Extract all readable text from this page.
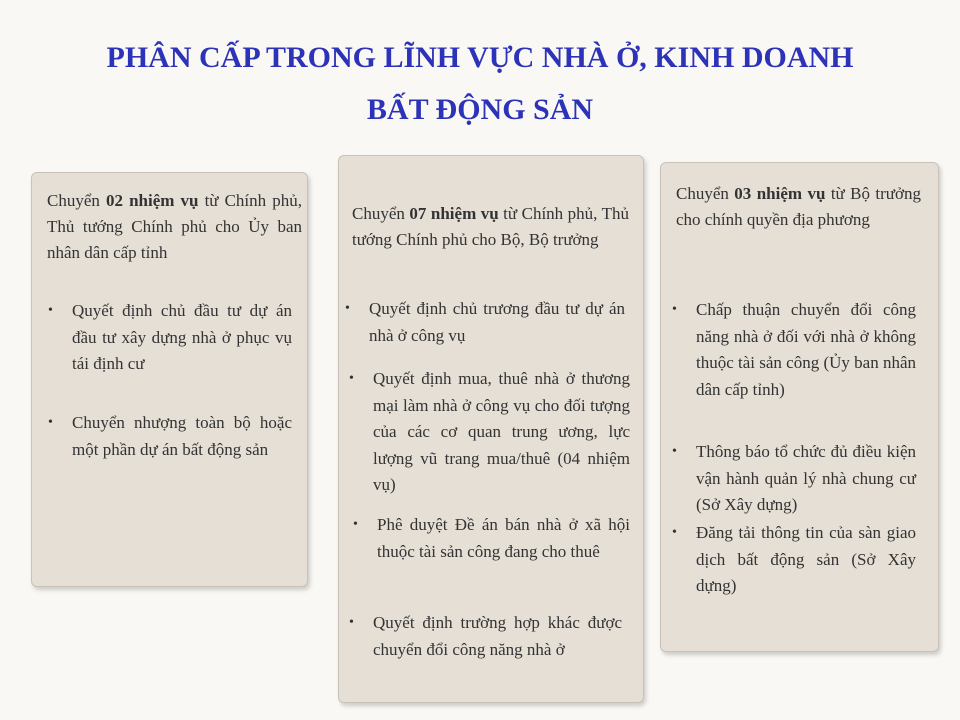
PHÂN CẤP TRONG LĨNH VỰC NHÀ Ở, KINH DOANH
BẤT ĐỘNG SẢN
Chuyển 02 nhiệm vụ từ Chính phủ, Thủ tướng Chính phủ cho Ủy ban nhân dân cấp tỉnh
• Quyết định chủ đầu tư dự án đầu tư xây dựng nhà ở phục vụ tái định cư
• Chuyển nhượng toàn bộ hoặc một phần dự án bất động sản
Chuyển 07 nhiệm vụ từ Chính phủ, Thủ tướng Chính phủ cho Bộ, Bộ trưởng
• Quyết định chủ trương đầu tư dự án nhà ở công vụ
• Quyết định mua, thuê nhà ở thương mại làm nhà ở công vụ cho đối tượng của các cơ quan trung ương, lực lượng vũ trang mua/thuê (04 nhiệm vụ)
• Phê duyệt Đề án bán nhà ở xã hội thuộc tài sản công đang cho thuê
• Quyết định trường hợp khác được chuyển đổi công năng nhà ở
Chuyển 03 nhiệm vụ từ Bộ trưởng cho chính quyền địa phương
• Chấp thuận chuyển đổi công năng nhà ở đối với nhà ở không thuộc tài sản công (Ủy ban nhân dân cấp tỉnh)
• Thông báo tổ chức đủ điều kiện vận hành quản lý nhà chung cư (Sở Xây dựng)
• Đăng tải thông tin của sàn giao dịch bất động sản (Sở Xây dựng)
